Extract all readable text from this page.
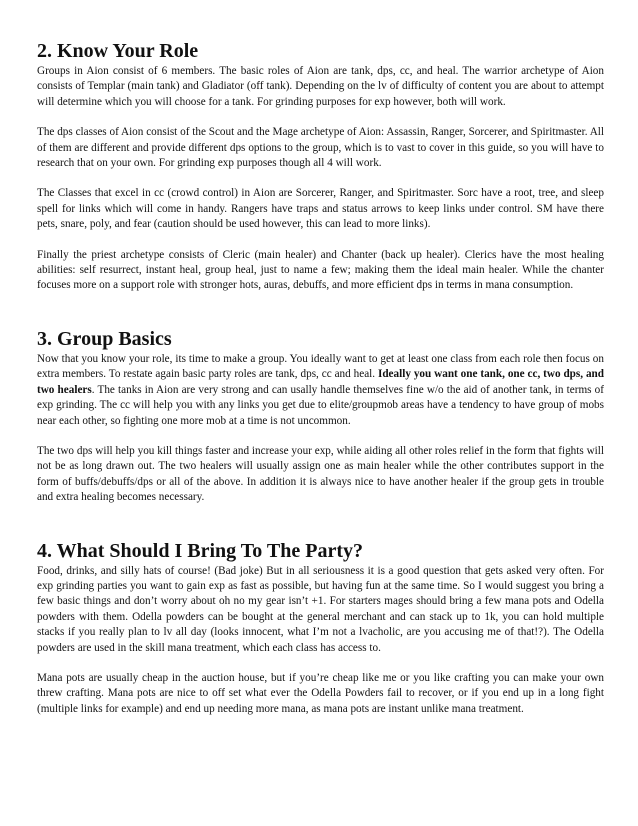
2. Know Your Role

Groups in Aion consist of 6 members. The basic roles of Aion are tank, dps, cc, and heal. The warrior archetype of Aion consists of Templar (main tank) and Gladiator (off tank). Depending on the lv of difficulty of content you are about to attempt will determine which you will choose for a tank. For grinding purposes for exp however, both will work.

The dps classes of Aion consist of the Scout and the Mage archetype of Aion: Assassin, Ranger, Sorcerer, and Spiritmaster. All of them are different and provide different dps options to the group, which is to vast to cover in this guide, so you will have to research that on your own. For grinding exp purposes though all 4 will work.

The Classes that excel in cc (crowd control) in Aion are Sorcerer, Ranger, and Spiritmaster. Sorc have a root, tree, and sleep spell for links which will come in handy. Rangers have traps and status arrows to keep links under control. SM have there pets, snare, poly, and fear (caution should be used however, this can lead to more links).

Finally the priest archetype consists of Cleric (main healer) and Chanter (back up healer). Clerics have the most healing abilities: self resurrect, instant heal, group heal, just to name a few; making them the ideal main healer. While the chanter focuses more on a support role with stronger hots, auras, debuffs, and more efficient dps in terms in mana consumption.

3. Group Basics

Now that you know your role, its time to make a group. You ideally want to get at least one class from each role then focus on extra members. To restate again basic party roles are tank, dps, cc and heal. Ideally you want one tank, one cc, two dps, and two healers. The tanks in Aion are very strong and can usally handle themselves fine w/o the aid of another tank, in terms of exp grinding. The cc will help you with any links you get due to elite/groupmob areas have a tendency to have group of mobs near each other, so fighting one more mob at a time is not uncommon.

The two dps will help you kill things faster and increase your exp, while aiding all other roles relief in the form that fights will not be as long drawn out. The two healers will usually assign one as main healer while the other contributes support in the form of buffs/debuffs/dps or all of the above. In addition it is always nice to have another healer if the group gets in trouble and extra healing becomes necessary.

4. What Should I Bring To The Party?

Food, drinks, and silly hats of course! (Bad joke) But in all seriousness it is a good question that gets asked very often. For exp grinding parties you want to gain exp as fast as possible, but having fun at the same time. So I would suggest you bring a few basic things and don’t worry about oh no my gear isn’t +1. For starters mages should bring a few mana pots and Odella powders with them. Odella powders can be bought at the general merchant and can stack up to 1k, you can hold multiple stacks if you really plan to lv all day (looks innocent, what I’m not a lvacholic, are you accusing me of that!?). The Odella powders are used in the skill mana treatment, which each class has access to.

Mana pots are usually cheap in the auction house, but if you’re cheap like me or you like crafting you can make your own threw crafting. Mana pots are nice to off set what ever the Odella Powders fail to recover, or if you end up in a long fight (multiple links for example) and end up needing more mana, as mana pots are instant unlike mana treatment.
